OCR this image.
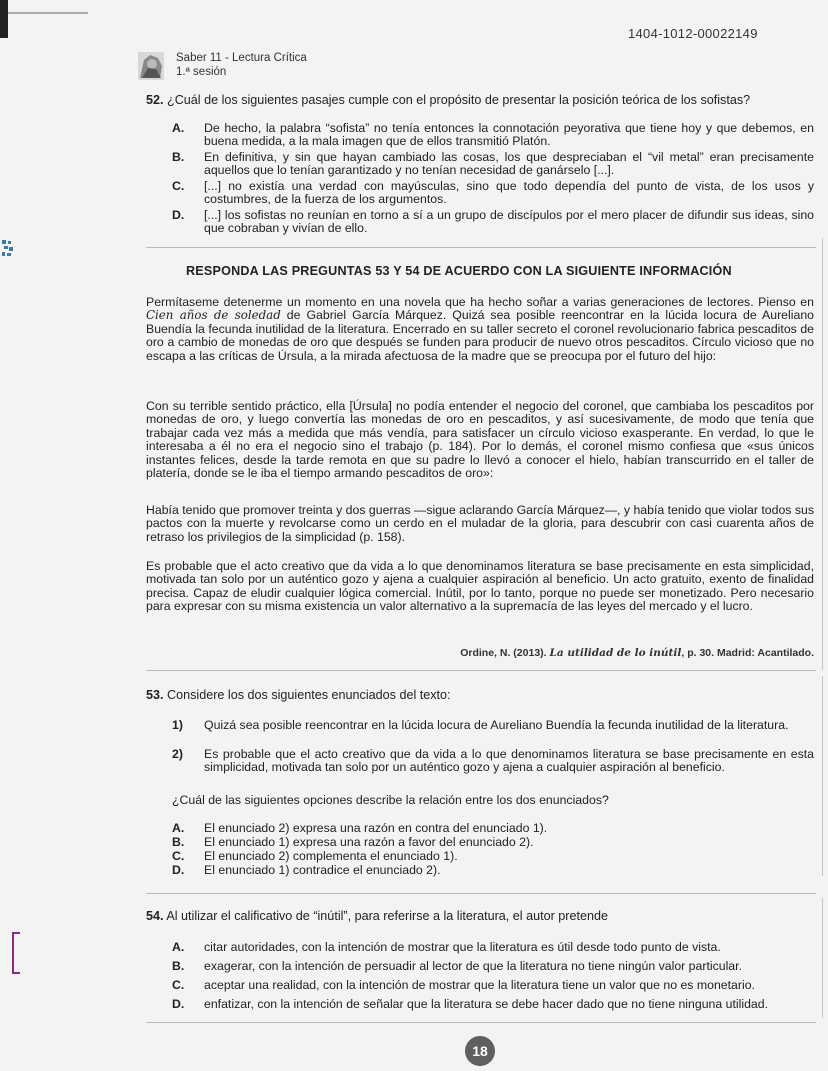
1404-1012-00022149
Saber 11 - Lectura Crítica
1.ª sesión
52. ¿Cuál de los siguientes pasajes cumple con el propósito de presentar la posición teórica de los sofistas?
A. De hecho, la palabra “sofista” no tenía entonces la connotación peyorativa que tiene hoy y que debemos, en buena medida, a la mala imagen que de ellos transmitió Platón.
B. En definitiva, y sin que hayan cambiado las cosas, los que despreciaban el “vil metal” eran precisamente aquellos que lo tenían garantizado y no tenían necesidad de ganárselo [...].
C. [...] no existía una verdad con mayúsculas, sino que todo dependía del punto de vista, de los usos y costumbres, de la fuerza de los argumentos.
D. [...] los sofistas no reunían en torno a sí a un grupo de discípulos por el mero placer de difundir sus ideas, sino que cobraban y vivían de ello.
RESPONDA LAS PREGUNTAS 53 Y 54 DE ACUERDO CON LA SIGUIENTE INFORMACIÓN
Permítaseme detenerme un momento en una novela que ha hecho soñar a varias generaciones de lectores. Pienso en Cien años de soledad de Gabriel García Márquez. Quizá sea posible reencontrar en la lúcida locura de Aureliano Buendía la fecunda inutilidad de la literatura. Encerrado en su taller secreto el coronel revolucionario fabrica pescaditos de oro a cambio de monedas de oro que después se funden para producir de nuevo otros pescaditos. Círculo vicioso que no escapa a las críticas de Úrsula, a la mirada afectuosa de la madre que se preocupa por el futuro del hijo:
Con su terrible sentido práctico, ella [Úrsula] no podía entender el negocio del coronel, que cambiaba los pescaditos por monedas de oro, y luego convertía las monedas de oro en pescaditos, y así sucesivamente, de modo que tenía que trabajar cada vez más a medida que más vendía, para satisfacer un círculo vicioso exasperante. En verdad, lo que le interesaba a él no era el negocio sino el trabajo (p. 184). Por lo demás, el coronel mismo confiesa que «sus únicos instantes felices, desde la tarde remota en que su padre lo llevó a conocer el hielo, habían transcurrido en el taller de platería, donde se le iba el tiempo armando pescaditos de oro»:
Había tenido que promover treinta y dos guerras —sigue aclarando García Márquez—, y había tenido que violar todos sus pactos con la muerte y revolcarse como un cerdo en el muladar de la gloria, para descubrir con casi cuarenta años de retraso los privilegios de la simplicidad (p. 158).
Es probable que el acto creativo que da vida a lo que denominamos literatura se base precisamente en esta simplicidad, motivada tan solo por un auténtico gozo y ajena a cualquier aspiración al beneficio. Un acto gratuito, exento de finalidad precisa. Capaz de eludir cualquier lógica comercial. Inútil, por lo tanto, porque no puede ser monetizado. Pero necesario para expresar con su misma existencia un valor alternativo a la supremacía de las leyes del mercado y el lucro.
Ordine, N. (2013). La utilidad de lo inútil, p. 30. Madrid: Acantilado.
53. Considere los dos siguientes enunciados del texto:
1) Quizá sea posible reencontrar en la lúcida locura de Aureliano Buendía la fecunda inutilidad de la literatura.
2) Es probable que el acto creativo que da vida a lo que denominamos literatura se base precisamente en esta simplicidad, motivada tan solo por un auténtico gozo y ajena a cualquier aspiración al beneficio.
¿Cuál de las siguientes opciones describe la relación entre los dos enunciados?
A. El enunciado 2) expresa una razón en contra del enunciado 1).
B. El enunciado 1) expresa una razón a favor del enunciado 2).
C. El enunciado 2) complementa el enunciado 1).
D. El enunciado 1) contradice el enunciado 2).
54. Al utilizar el calificativo de “inútil”, para referirse a la literatura, el autor pretende
A. citar autoridades, con la intención de mostrar que la literatura es útil desde todo punto de vista.
B. exagerar, con la intención de persuadir al lector de que la literatura no tiene ningún valor particular.
C. aceptar una realidad, con la intención de mostrar que la literatura tiene un valor que no es monetario.
D. enfatizar, con la intención de señalar que la literatura se debe hacer dado que no tiene ninguna utilidad.
18
